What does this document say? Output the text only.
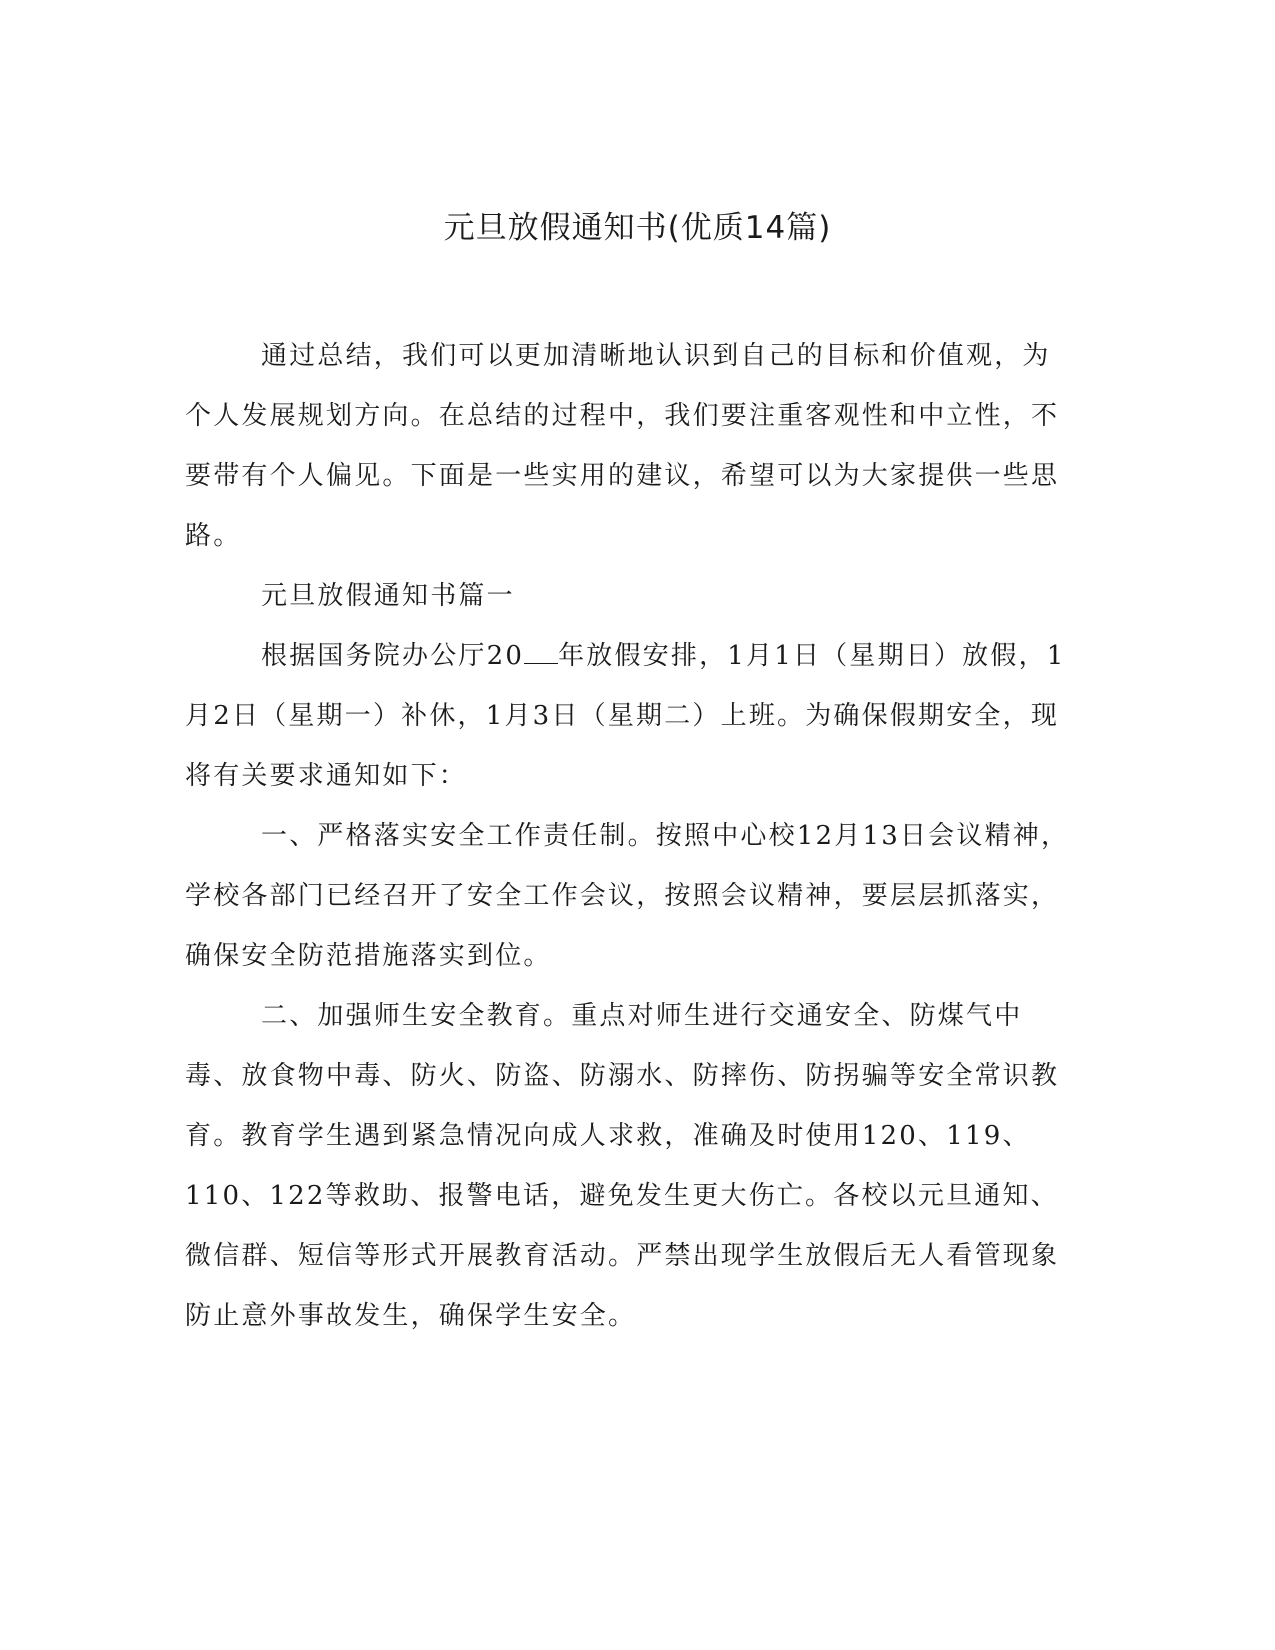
元旦放假通知书(优质14篇)

通过总结，我们可以更加清晰地认识到自己的目标和价值观，为个人发展规划方向。在总结的过程中，我们要注重客观性和中立性，不要带有个人偏见。下面是一些实用的建议，希望可以为大家提供一些思路。

元旦放假通知书篇一

根据国务院办公厅20 年放假安排，1月1日（星期日）放假，1月2日（星期一）补休，1月3日（星期二）上班。为确保假期安全，现将有关要求通知如下：

一、严格落实安全工作责任制。按照中心校12月13日会议精神，学校各部门已经召开了安全工作会议，按照会议精神，要层层抓落实，确保安全防范措施落实到位。

二、加强师生安全教育。重点对师生进行交通安全、防煤气中毒、放食物中毒、防火、防盗、防溺水、防摔伤、防拐骗等安全常识教育。教育学生遇到紧急情况向成人求救，准确及时使用120、119、110、122等救助、报警电话，避免发生更大伤亡。各校以元旦通知、微信群、短信等形式开展教育活动。严禁出现学生放假后无人看管现象防止意外事故发生，确保学生安全。
